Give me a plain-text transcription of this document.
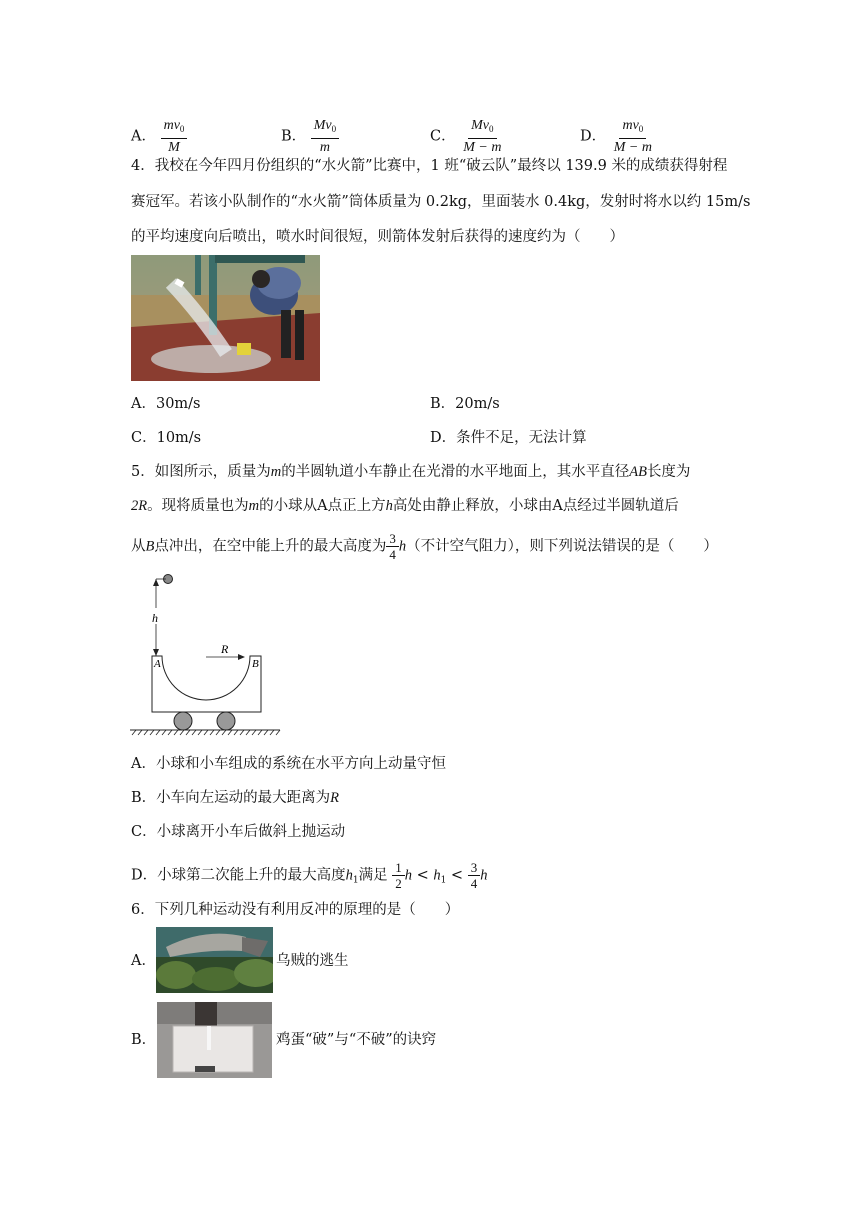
A． $\frac{mv_0}{M}$	B． $\frac{Mv_0}{m}$	C． $\frac{Mv_0}{M - m}$	D． $\frac{mv_0}{M - m}$
4．我校在今年四月份组织的“水火箭”比赛中，1 班“破云队”最终以 139.9 米的成绩获得射程
赛冠军。若该小队制作的“水火箭”筒体质量为 0.2kg，里面装水 0.4kg，发射时将水以约 15m/s
的平均速度向后喷出，喷水时间很短，则箭体发射后获得的速度约为（　　）
A．30m/s	B．20m/s
C．10m/s	D．条件不足，无法计算
5．如图所示，质量为m的半圆轨道小车静止在光滑的水平地面上，其水平直径AB长度为
2R。现将质量也为m的小球从A点正上方h高处由静止释放，小球由A点经过半圆轨道后
从B点冲出，在空中能上升的最大高度为 $\frac{3}{4} h$（不计空气阻力），则下列说法错误的是（　　）
h
A	B
R
A．小球和小车组成的系统在水平方向上动量守恒
B．小车向左运动的最大距离为R
C．小球离开小车后做斜上抛运动
D．小球第二次能上升的最大高度$h_1$满足 $\frac{1}{2}$ $h < h_1 < \frac{3}{4}$ h
6．下列几种运动没有利用反冲的原理的是（　　）
A．	乌贼的逃生
B．	鸡蛋“破”与“不破”的诀窍
